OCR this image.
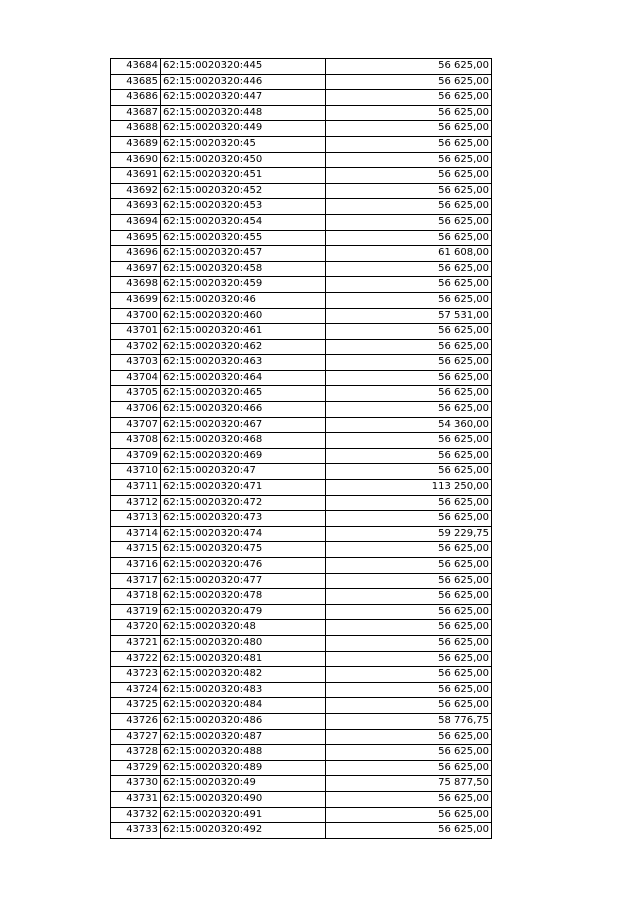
43684	62:15:0020320:445	56 625,00
43685	62:15:0020320:446	56 625,00
43686	62:15:0020320:447	56 625,00
43687	62:15:0020320:448	56 625,00
43688	62:15:0020320:449	56 625,00
43689	62:15:0020320:45	56 625,00
43690	62:15:0020320:450	56 625,00
43691	62:15:0020320:451	56 625,00
43692	62:15:0020320:452	56 625,00
43693	62:15:0020320:453	56 625,00
43694	62:15:0020320:454	56 625,00
43695	62:15:0020320:455	56 625,00
43696	62:15:0020320:457	61 608,00
43697	62:15:0020320:458	56 625,00
43698	62:15:0020320:459	56 625,00
43699	62:15:0020320:46	56 625,00
43700	62:15:0020320:460	57 531,00
43701	62:15:0020320:461	56 625,00
43702	62:15:0020320:462	56 625,00
43703	62:15:0020320:463	56 625,00
43704	62:15:0020320:464	56 625,00
43705	62:15:0020320:465	56 625,00
43706	62:15:0020320:466	56 625,00
43707	62:15:0020320:467	54 360,00
43708	62:15:0020320:468	56 625,00
43709	62:15:0020320:469	56 625,00
43710	62:15:0020320:47	56 625,00
43711	62:15:0020320:471	113 250,00
43712	62:15:0020320:472	56 625,00
43713	62:15:0020320:473	56 625,00
43714	62:15:0020320:474	59 229,75
43715	62:15:0020320:475	56 625,00
43716	62:15:0020320:476	56 625,00
43717	62:15:0020320:477	56 625,00
43718	62:15:0020320:478	56 625,00
43719	62:15:0020320:479	56 625,00
43720	62:15:0020320:48	56 625,00
43721	62:15:0020320:480	56 625,00
43722	62:15:0020320:481	56 625,00
43723	62:15:0020320:482	56 625,00
43724	62:15:0020320:483	56 625,00
43725	62:15:0020320:484	56 625,00
43726	62:15:0020320:486	58 776,75
43727	62:15:0020320:487	56 625,00
43728	62:15:0020320:488	56 625,00
43729	62:15:0020320:489	56 625,00
43730	62:15:0020320:49	75 877,50
43731	62:15:0020320:490	56 625,00
43732	62:15:0020320:491	56 625,00
43733	62:15:0020320:492	56 625,00
